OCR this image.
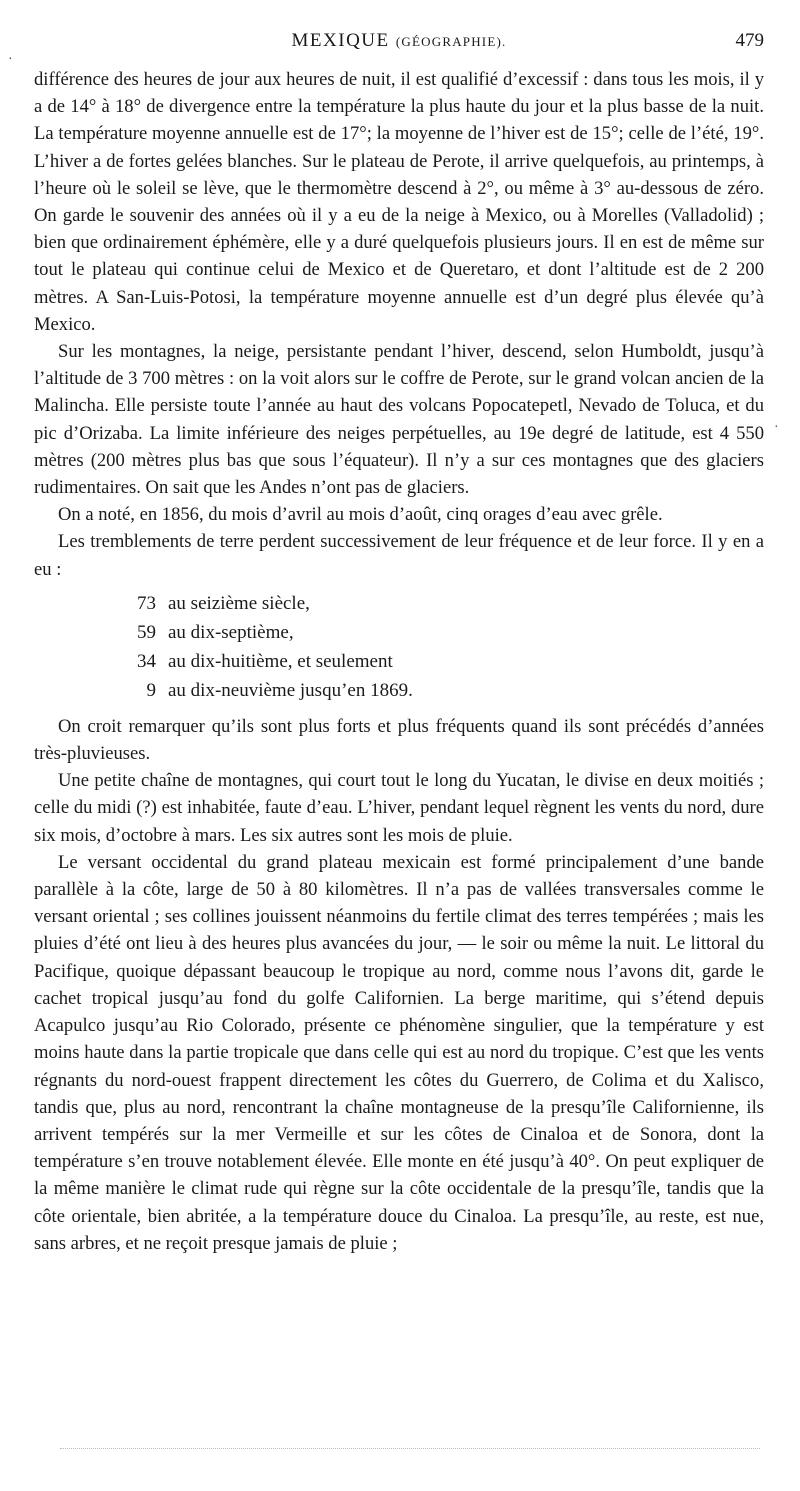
MEXIQUE (GÉOGRAPHIE).	479
·
·

différence des heures de jour aux heures de nuit, il est qualifié d’excessif : dans tous les mois, il y a de 14° à 18° de divergence entre la température la plus haute du jour et la plus basse de la nuit. La température moyenne annuelle est de 17°; la moyenne de l’hiver est de 15°; celle de l’été, 19°. L’hiver a de fortes gelées blanches. Sur le plateau de Perote, il arrive quelquefois, au printemps, à l’heure où le soleil se lève, que le thermomètre descend à 2°, ou même à 3° au-dessous de zéro. On garde le souvenir des années où il y a eu de la neige à Mexico, ou à Morelles (Valladolid) ; bien que ordinairement éphémère, elle y a duré quelquefois plusieurs jours. Il en est de même sur tout le plateau qui continue celui de Mexico et de Queretaro, et dont l’altitude est de 2 200 mètres. A San-Luis-Potosi, la température moyenne annuelle est d’un degré plus élevée qu’à Mexico.

Sur les montagnes, la neige, persistante pendant l’hiver, descend, selon Humboldt, jusqu’à l’altitude de 3 700 mètres : on la voit alors sur le coffre de Perote, sur le grand volcan ancien de la Malincha. Elle persiste toute l’année au haut des volcans Popocatepetl, Nevado de Toluca, et du pic d’Orizaba. La limite inférieure des neiges perpétuelles, au 19e degré de latitude, est 4 550 mètres (200 mètres plus bas que sous l’équateur). Il n’y a sur ces montagnes que des glaciers rudimentaires. On sait que les Andes n’ont pas de glaciers.

On a noté, en 1856, du mois d’avril au mois d’août, cinq orages d’eau avec grêle.

Les tremblements de terre perdent successivement de leur fréquence et de leur force. Il y en a eu :

73 au seizième siècle,
59 au dix-septième,
34 au dix-huitième, et seulement
9 au dix-neuvième jusqu’en 1869.

On croit remarquer qu’ils sont plus forts et plus fréquents quand ils sont précédés d’années très-pluvieuses.

Une petite chaîne de montagnes, qui court tout le long du Yucatan, le divise en deux moitiés ; celle du midi (?) est inhabitée, faute d’eau. L’hiver, pendant lequel règnent les vents du nord, dure six mois, d’octobre à mars. Les six autres sont les mois de pluie.

Le versant occidental du grand plateau mexicain est formé principalement d’une bande parallèle à la côte, large de 50 à 80 kilomètres. Il n’a pas de vallées transversales comme le versant oriental ; ses collines jouissent néanmoins du fertile climat des terres tempérées ; mais les pluies d’été ont lieu à des heures plus avancées du jour, — le soir ou même la nuit. Le littoral du Pacifique, quoique dépassant beaucoup le tropique au nord, comme nous l’avons dit, garde le cachet tropical jusqu’au fond du golfe Californien. La berge maritime, qui s’étend depuis Acapulco jusqu’au Rio Colorado, présente ce phénomène singulier, que la température y est moins haute dans la partie tropicale que dans celle qui est au nord du tropique. C’est que les vents régnants du nord-ouest frappent directement les côtes du Guerrero, de Colima et du Xalisco, tandis que, plus au nord, rencontrant la chaîne montagneuse de la presqu’île Californienne, ils arrivent tempérés sur la mer Vermeille et sur les côtes de Cinaloa et de Sonora, dont la température s’en trouve notablement élevée. Elle monte en été jusqu’à 40°. On peut expliquer de la même manière le climat rude qui règne sur la côte occidentale de la presqu’île, tandis que la côte orientale, bien abritée, a la température douce du Cinaloa. La presqu’île, au reste, est nue, sans arbres, et ne reçoit presque jamais de pluie ;
